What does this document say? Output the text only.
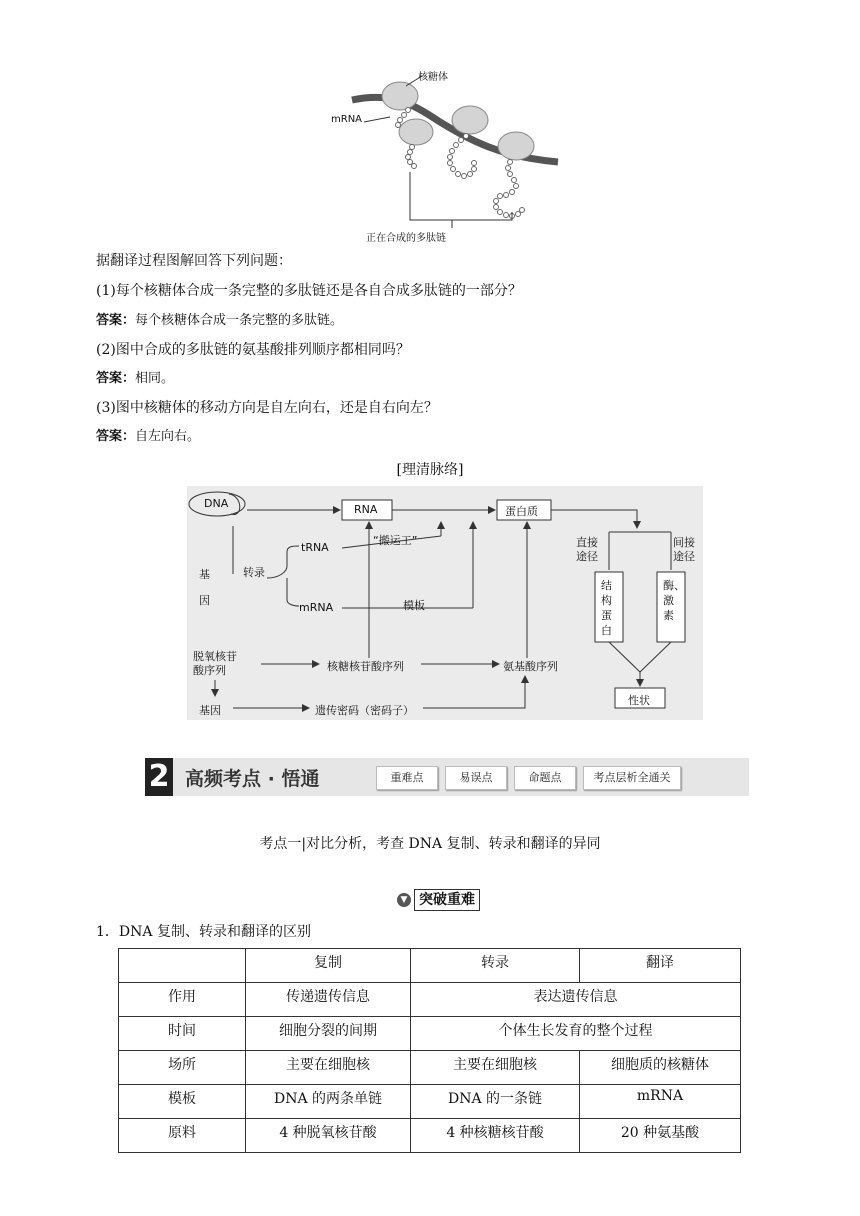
核糖体
mRNA
正在合成的多肽链
据翻译过程图解回答下列问题：
(1)每个核糖体合成一条完整的多肽链还是各自合成多肽链的一部分？
答案：每个核糖体合成一条完整的多肽链。
(2)图中合成的多肽链的氨基酸排列顺序都相同吗？
答案：相同。
(3)图中核糖体的移动方向是自左向右，还是自右向左？
答案：自左向右。
[理清脉络]
DNA	RNA	蛋白质
tRNA
“搬运工”
转录
基
因
mRNA	模板
脱氧核苷
酸序列	核糖核苷酸序列	氨基酸序列
直接
途径
间接
途径
结构蛋白
酶、激素
性状
基因	遗传密码（密码子）
2 高频考点 · 悟通	重难点	易误点	命题点	考点层析全通关
考点一|对比分析，考查 DNA 复制、转录和翻译的异同
▼ 突破重难
1．DNA 复制、转录和翻译的区别
	复制	转录	翻译
作用	传递遗传信息	表达遗传信息	
时间	细胞分裂的间期	个体生长发育的整个过程	
场所	主要在细胞核	主要在细胞核	细胞质的核糖体
模板	DNA 的两条单链	DNA 的一条链	mRNA
原料	4 种脱氧核苷酸	4 种核糖核苷酸	20 种氨基酸
